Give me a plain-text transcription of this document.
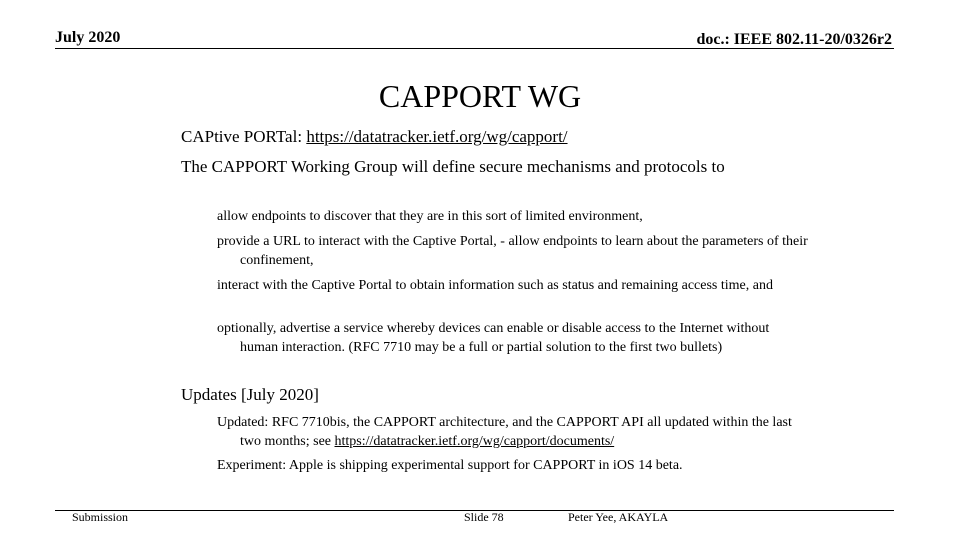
July 2020	doc.: IEEE 802.11-20/0326r2
CAPPORT WG
CAPtive PORTal: https://datatracker.ietf.org/wg/capport/
The CAPPORT Working Group will define secure mechanisms and protocols to
allow endpoints to discover that they are in this sort of limited environment,
provide a URL to interact with the Captive Portal, - allow endpoints to learn about the parameters of their confinement,
interact with the Captive Portal to obtain information such as status and remaining access time, and
optionally, advertise a service whereby devices can enable or disable access to the Internet without human interaction. (RFC 7710 may be a full or partial solution to the first two bullets)
Updates [July 2020]
Updated: RFC 7710bis, the CAPPORT architecture, and the CAPPORT API all updated within the last two months; see https://datatracker.ietf.org/wg/capport/documents/
Experiment: Apple is shipping experimental support for CAPPORT in iOS 14 beta.
Submission	Slide 78	Peter Yee, AKAYLA
